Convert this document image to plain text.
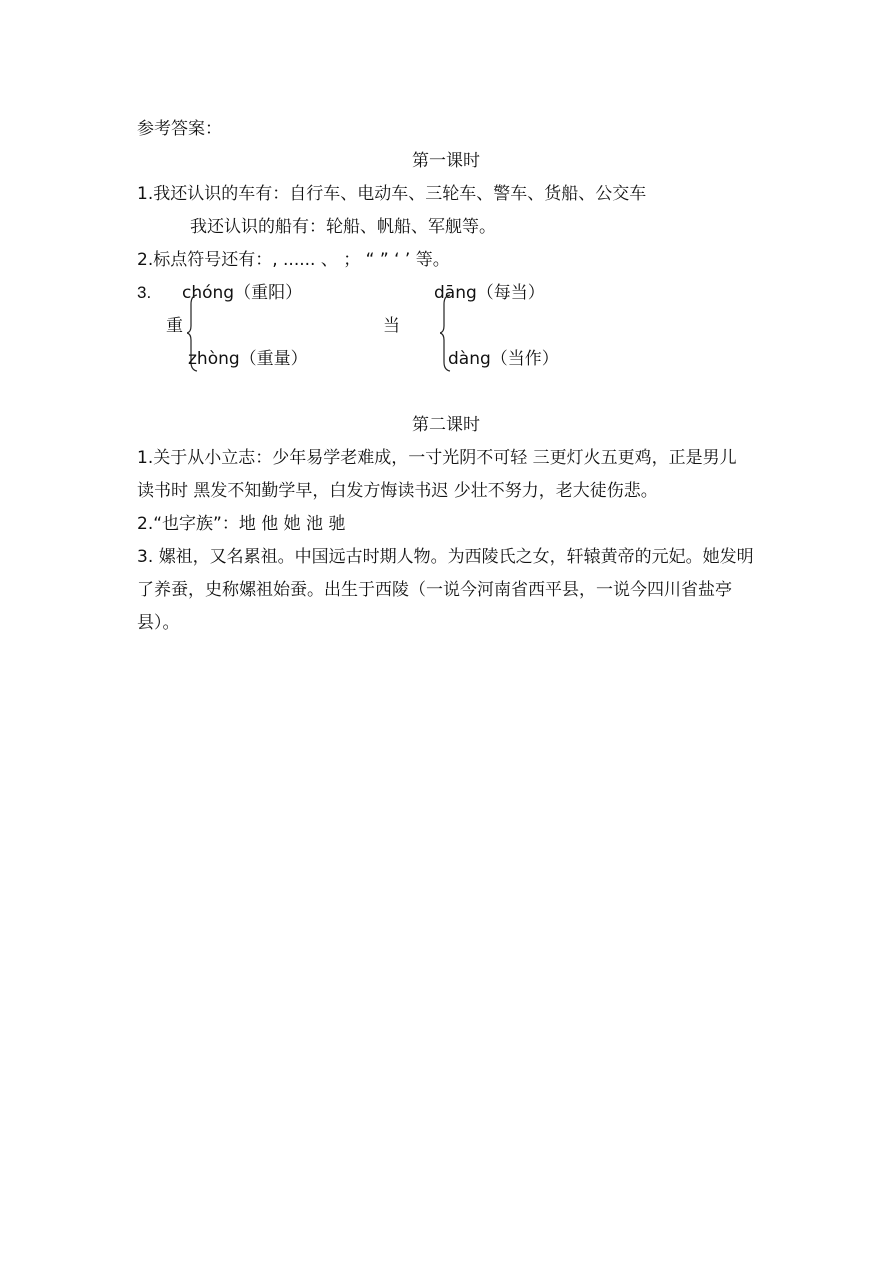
参考答案：
第一课时
1.我还认识的车有：自行车、电动车、三轮车、警车、货船、公交车
我还认识的船有：轮船、帆船、军舰等。
2.标点符号还有：, ...... 、 ； “ ” ‘ ’ 等。
3. chóng（重阳）
重
zhòng（重量）
dāng（每当）
当
dàng（当作）
第二课时
1.关于从小立志：少年易学老难成，一寸光阴不可轻 三更灯火五更鸡，正是男儿
读书时 黑发不知勤学早，白发方悔读书迟 少壮不努力，老大徒伤悲。
2.“也字族”：地 他 她 池 驰
3. 嫘祖，又名累祖。中国远古时期人物。为西陵氏之女，轩辕黄帝的元妃。她发明
了养蚕，史称嫘祖始蚕。出生于西陵（一说今河南省西平县，一说今四川省盐亭
县）。
